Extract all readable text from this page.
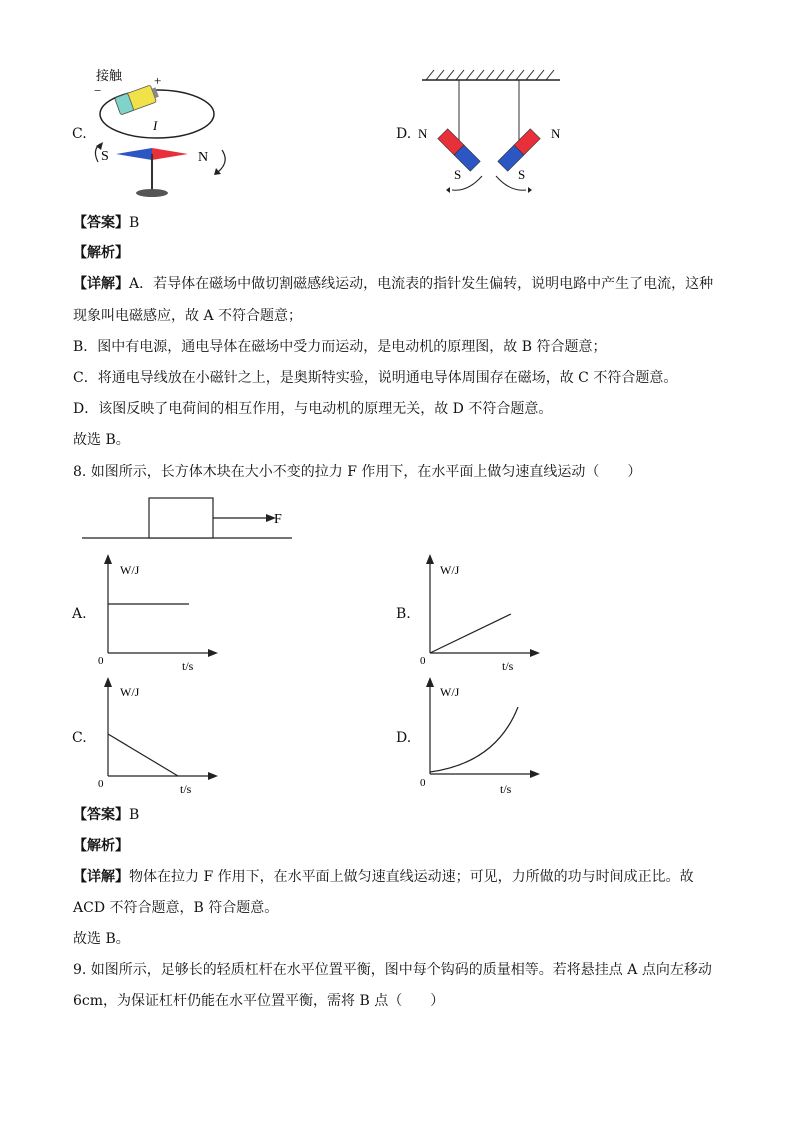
C.
接触
−
+
I
S	N
D. N
S
N
S
【答案】B
【解析】
【详解】A．若导体在磁场中做切割磁感线运动，电流表的指针发生偏转，说明电路中产生了电流，这种
现象叫电磁感应，故 A 不符合题意；
B．图中有电源，通电导体在磁场中受力而运动，是电动机的原理图，故 B 符合题意；
C．将通电导线放在小磁针之上，是奥斯特实验，说明通电导体周围存在磁场，故 C 不符合题意。
D．该图反映了电荷间的相互作用，与电动机的原理无关，故 D 不符合题意。
故选 B。
8. 如图所示，长方体木块在大小不变的拉力 F 作用下，在水平面上做匀速直线运动（　　）
F
A.
W/J
t/s
0
B.
W/J
t/s
0
C.
W/J
t/s
0
D.
W/J
t/s
0
【答案】B
【解析】
【详解】物体在拉力 F 作用下，在水平面上做匀速直线运动速；可见，力所做的功与时间成正比。故
ACD 不符合题意，B 符合题意。
故选 B。
9. 如图所示，足够长的轻质杠杆在水平位置平衡，图中每个钩码的质量相等。若将悬挂点 A 点向左移动
6cm，为保证杠杆仍能在水平位置平衡，需将 B 点（　　）
